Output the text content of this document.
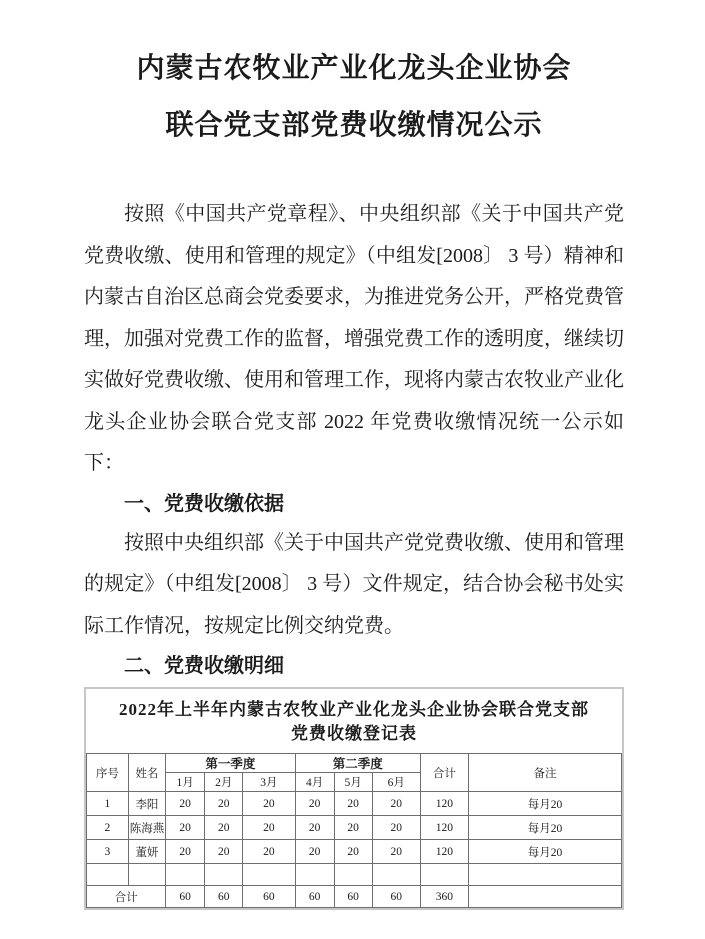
内蒙古农牧业产业化龙头企业协会
联合党支部党费收缴情况公示

按照《中国共产党章程》、中央组织部《关于中国共产党党费收缴、使用和管理的规定》（中组发[2008〕 3 号）精神和内蒙古自治区总商会党委要求，为推进党务公开，严格党费管理，加强对党费工作的监督，增强党费工作的透明度，继续切实做好党费收缴、使用和管理工作，现将内蒙古农牧业产业化龙头企业协会联合党支部 2022 年党费收缴情况统一公示如下：

一、党费收缴依据

按照中央组织部《关于中国共产党党费收缴、使用和管理的规定》（中组发[2008〕 3 号）文件规定，结合协会秘书处实际工作情况，按规定比例交纳党费。

二、党费收缴明细
2022年上半年内蒙古农牧业产业化龙头企业协会联合党支部
党费收缴登记表
序号	姓名	第一季度			第二季度			合计	备注
		1月	2月	3月	4月	5月	6月		
1	李阳	20	20	20	20	20	20	120	每月20
2	陈海燕	20	20	20	20	20	20	120	每月20
3	董妍	20	20	20	20	20	20	120	每月20

合计		60	60	60	60	60	60	360	
